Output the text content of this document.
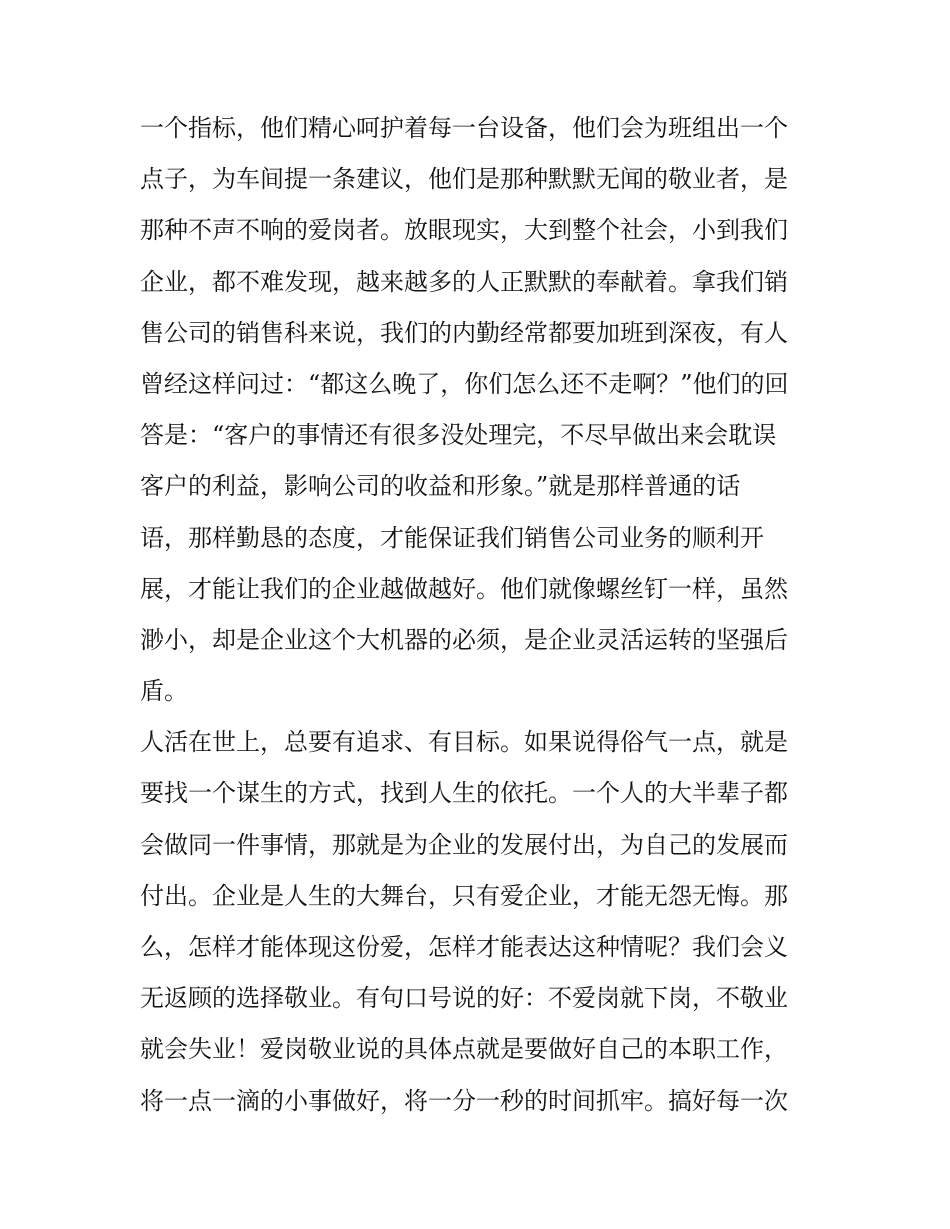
一个指标，他们精心呵护着每一台设备，他们会为班组出一个
点子，为车间提一条建议，他们是那种默默无闻的敬业者，是
那种不声不响的爱岗者。放眼现实，大到整个社会，小到我们
企业，都不难发现，越来越多的人正默默的奉献着。拿我们销
售公司的销售科来说，我们的内勤经常都要加班到深夜，有人
曾经这样问过：“都这么晚了，你们怎么还不走啊？”他们的回
答是：“客户的事情还有很多没处理完，不尽早做出来会耽误
客户的利益，影响公司的收益和形象。”就是那样普通的话
语，那样勤恳的态度，才能保证我们销售公司业务的顺利开
展，才能让我们的企业越做越好。他们就像螺丝钉一样，虽然
渺小，却是企业这个大机器的必须，是企业灵活运转的坚强后
盾。
人活在世上，总要有追求、有目标。如果说得俗气一点，就是
要找一个谋生的方式，找到人生的依托。一个人的大半辈子都
会做同一件事情，那就是为企业的发展付出，为自己的发展而
付出。企业是人生的大舞台，只有爱企业，才能无怨无悔。那
么，怎样才能体现这份爱，怎样才能表达这种情呢？我们会义
无返顾的选择敬业。有句口号说的好：不爱岗就下岗，不敬业
就会失业！爱岗敬业说的具体点就是要做好自己的本职工作，
将一点一滴的小事做好，将一分一秒的时间抓牢。搞好每一次
